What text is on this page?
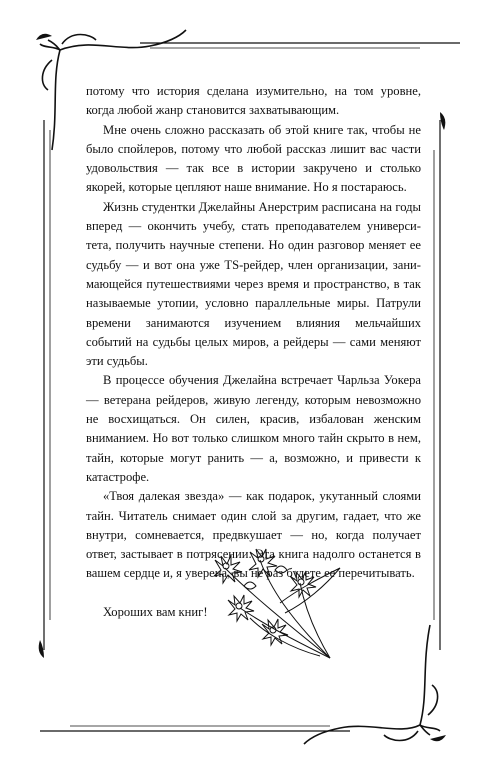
потому что история сделана изумительно, на том уровне, когда любой жанр становится захватывающим.

Мне очень сложно рассказать об этой книге так, чтобы не было спойлеров, потому что любой рассказ лишит вас части удовольствия — так все в истории закручено и столько якорей, которые цепляют наше внимание. Но я постараюсь.

Жизнь студентки Джелайны Анерстрим расписана на годы вперед — окончить учебу, стать преподавателем университета, получить научные степени. Но один разговор меняет ее судьбу — и вот она уже TS-рейдер, член организации, занимающейся путешествиями через время и пространство, в так называемые утопии, условно параллельные миры. Патрули времени занимаются изучением влияния мельчайших событий на судьбы целых миров, а рейдеры — сами меняют эти судьбы.

В процессе обучения Джелайна встречает Чарльза Уокера — ветерана рейдеров, живую легенду, которым невозможно не восхищаться. Он силен, красив, избалован женским вниманием. Но вот только слишком много тайн скрыто в нем, тайн, которые могут ранить — а, возможно, и привести к катастрофе.

«Твоя далекая звезда» — как подарок, укутанный слоями тайн. Читатель снимает один слой за другим, гадает, что же внутри, сомневается, предвкушает — но, когда получает ответ, застывает в потрясении. Эта книга надолго останется в вашем сердце и, я уверена, вы не раз будете ее перечитывать.

Хороших вам книг!
